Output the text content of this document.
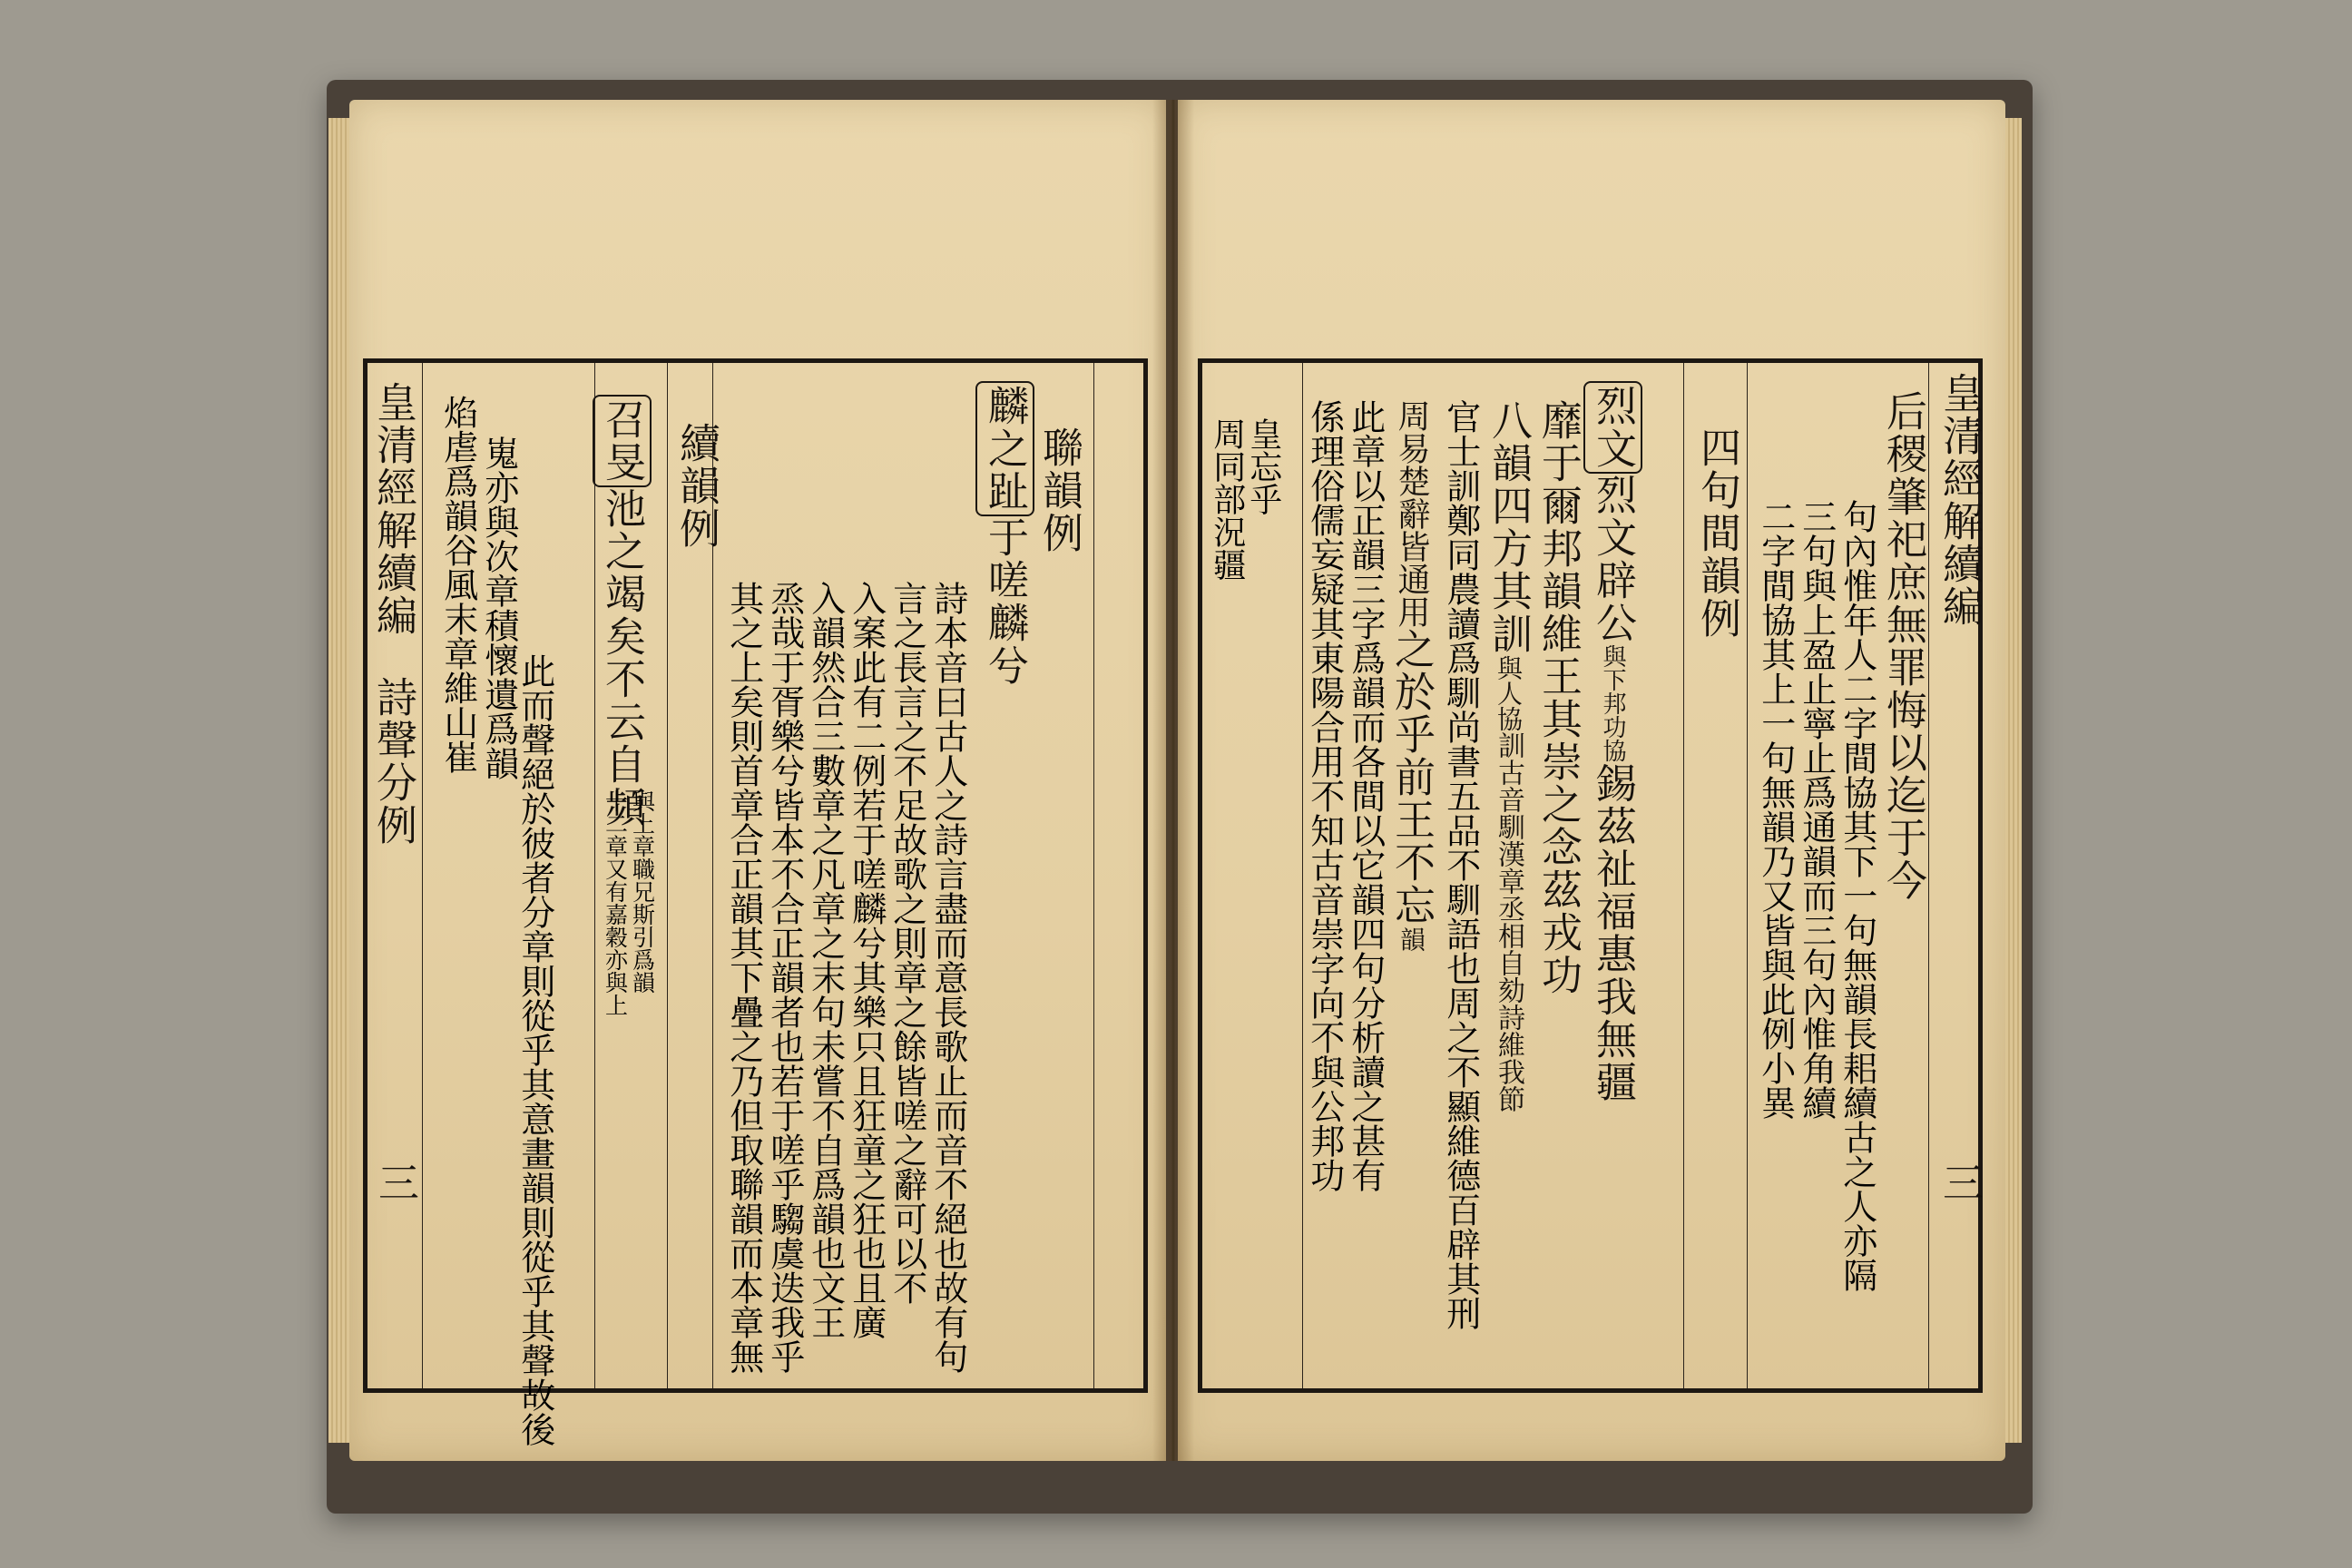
皇清經解續編
詩聲分例
三
焰虐爲韻谷風末章維山崔 嵬亦與次章積懷遺爲韻
此而聲絕於彼者分章則從乎其意畫韻則從乎其聲故後
召旻池之竭矣不云自頻
與上章職兄斯引爲韻
十二章又有嘉穀亦與上
續韻例
其之上矣則首章合正韻其下疊之乃但取聯韻而本章無 烝哉于胥樂兮皆本不合正韻者也若于嗟乎騶虞迭我乎 入韻然合三數章之凡章之末句未嘗不自爲韻也文王 入案此有二例若于嗟麟兮其樂只且狂童之狂也且廣 言之長言之不足故歌之則章之餘皆嗟之辭可以不 詩本音曰古人之詩言盡而意長歌止而音不絕也故有句
麟之趾于嗟麟兮
聯韻例	周同部況疆 皇忘乎 係理俗儒妄疑其東陽合用不知古音崇字向不與公邦功 此章以正韻三字爲韻而各間以它韻四句分析讀之甚有 周易楚辭皆通用之於乎前王不忘韻
官士訓鄭同農讀爲馴尚書五品不馴語也周之不顯維德百辟其刑
八韻四方其訓與人協訓古音馴漢章丞相自劾詩維我節
靡于爾邦韻維王其崇之念茲戎功
烈文烈文辟公與下邦功協錫茲祉福惠我無疆
四句間韻例 二字間協其上一句無韻乃又皆與此例小異 三句與上盈止寧止爲通韻而三句內惟角續 句內惟年人二字間協其下一句無韻長耜續古之人亦隔
后稷肇祀庶無罪悔以迄于今
皇清經解續編
三
